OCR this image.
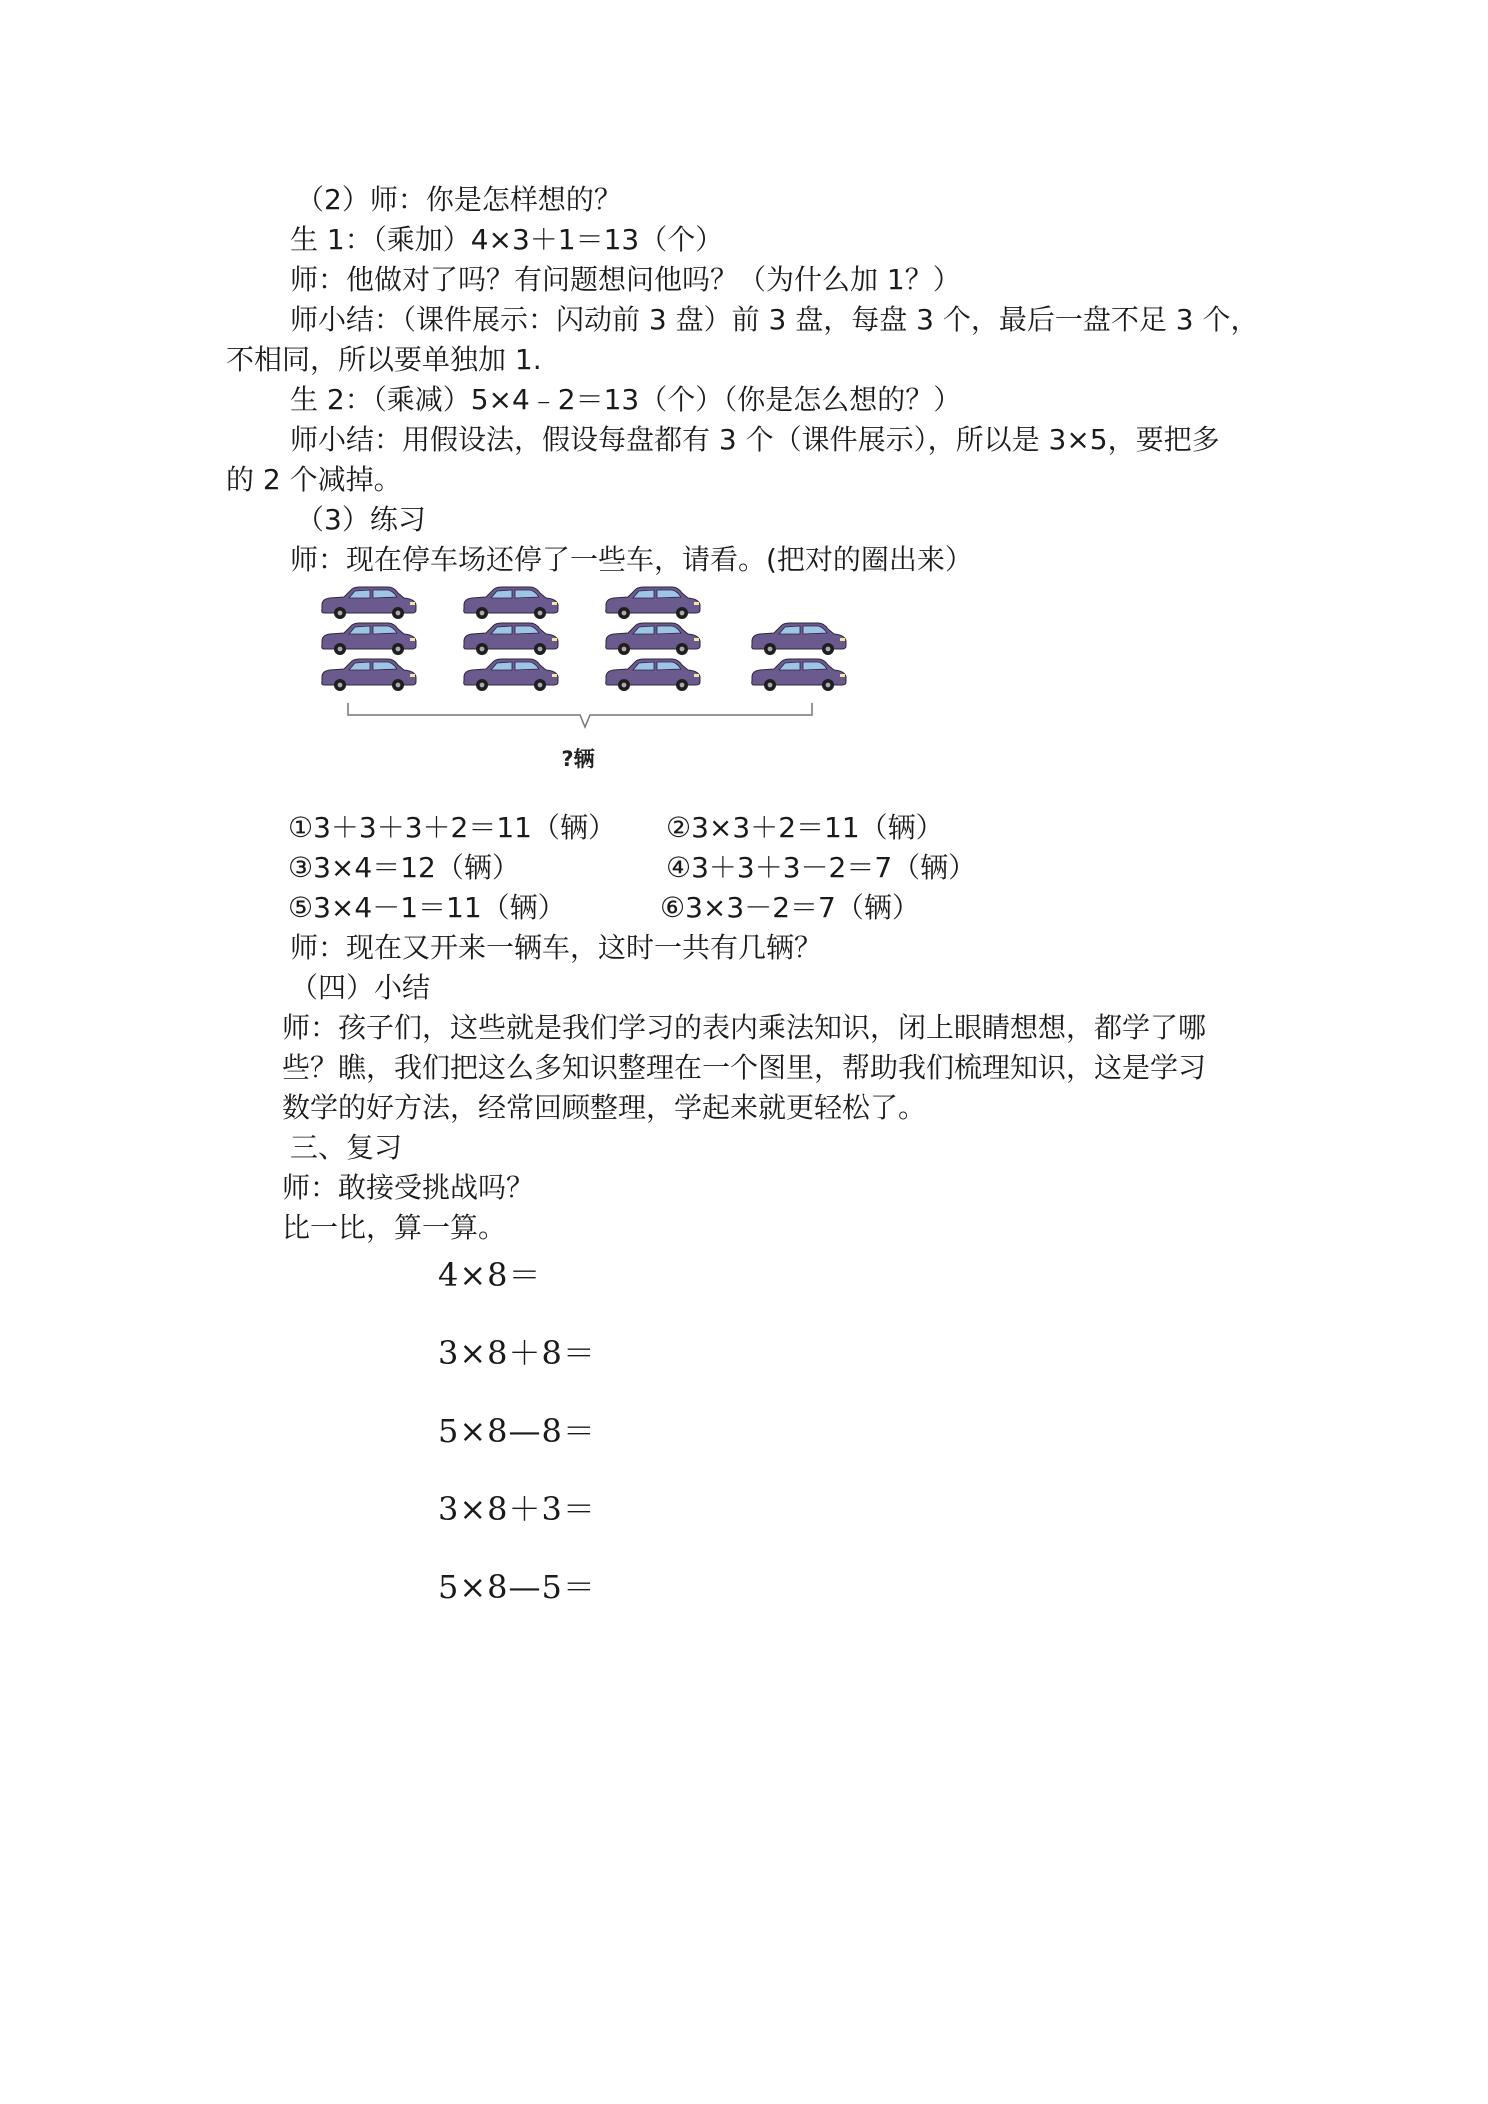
（2）师：你是怎样想的？
生 1：（乘加）4×3＋1＝13（个）
师：他做对了吗？有问题想问他吗？（为什么加 1？）
师小结：（课件展示：闪动前 3 盘）前 3 盘，每盘 3 个，最后一盘不足 3 个，
不相同，所以要单独加 1.
生 2：（乘减）5×4﹣2＝13（个）（你是怎么想的？）
师小结：用假设法，假设每盘都有 3 个（课件展示），所以是 3×5，要把多
的 2 个减掉。
（3）练习
师：现在停车场还停了一些车，请看。(把对的圈出来）
?辆
①3＋3＋3＋2＝11（辆） ②3×3＋2＝11（辆）
③3×4＝12（辆）	④3＋3＋3－2＝7（辆）
⑤3×4－1＝11（辆）	⑥3×3－2＝7（辆）
师：现在又开来一辆车，这时一共有几辆？
（四）小结
师：孩子们，这些就是我们学习的表内乘法知识，闭上眼睛想想，都学了哪
些？瞧，我们把这么多知识整理在一个图里，帮助我们梳理知识，这是学习
数学的好方法，经常回顾整理，学起来就更轻松了。
三、复习
师：敢接受挑战吗？
比一比，算一算。
4×8＝
3×8＋8＝
5×8—8＝
3×8＋3＝
5×8—5＝
